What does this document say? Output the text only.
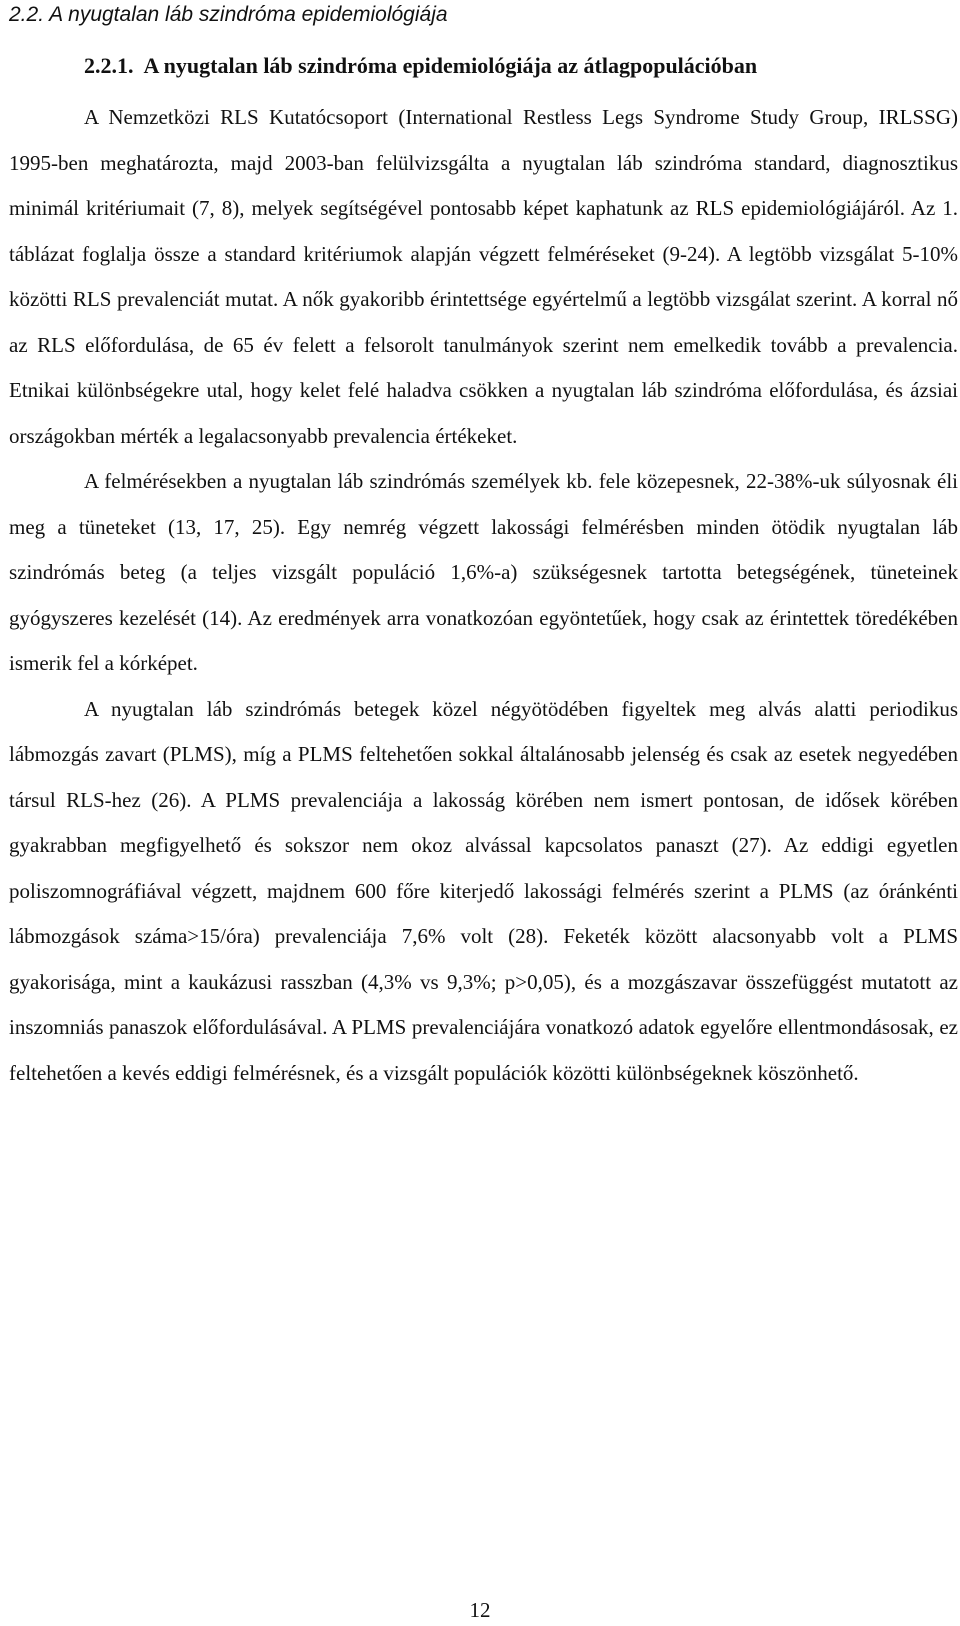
2.2. A nyugtalan láb szindróma epidemiológiája
2.2.1. A nyugtalan láb szindróma epidemiológiája az átlagpopulációban

A Nemzetközi RLS Kutatócsoport (International Restless Legs Syndrome Study Group, IRLSSG) 1995-ben meghatározta, majd 2003-ban felülvizsgálta a nyugtalan láb szindróma standard, diagnosztikus minimál kritériumait (7, 8), melyek segítségével pontosabb képet kaphatunk az RLS epidemiológiájáról. Az 1. táblázat foglalja össze a standard kritériumok alapján végzett felméréseket (9-24). A legtöbb vizsgálat 5-10% közötti RLS prevalenciát mutat. A nők gyakoribb érintettsége egyértelmű a legtöbb vizsgálat szerint. A korral nő az RLS előfordulása, de 65 év felett a felsorolt tanulmányok szerint nem emelkedik tovább a prevalencia. Etnikai különbségekre utal, hogy kelet felé haladva csökken a nyugtalan láb szindróma előfordulása, és ázsiai országokban mérték a legalacsonyabb prevalencia értékeket.

A felmérésekben a nyugtalan láb szindrómás személyek kb. fele közepesnek, 22-38%-uk súlyosnak éli meg a tüneteket (13, 17, 25). Egy nemrég végzett lakossági felmérésben minden ötödik nyugtalan láb szindrómás beteg (a teljes vizsgált populáció 1,6%-a) szükségesnek tartotta betegségének, tüneteinek gyógyszeres kezelését (14). Az eredmények arra vonatkozóan egyöntetűek, hogy csak az érintettek töredékében ismerik fel a kórképet.

A nyugtalan láb szindrómás betegek közel négyötödében figyeltek meg alvás alatti periodikus lábmozgás zavart (PLMS), míg a PLMS feltehetően sokkal általánosabb jelenség és csak az esetek negyedében társul RLS-hez (26). A PLMS prevalenciája a lakosság körében nem ismert pontosan, de idősek körében gyakrabban megfigyelhető és sokszor nem okoz alvással kapcsolatos panaszt (27). Az eddigi egyetlen poliszomnográfiával végzett, majdnem 600 főre kiterjedő lakossági felmérés szerint a PLMS (az óránkénti lábmozgások száma>15/óra) prevalenciája 7,6% volt (28). Feketék között alacsonyabb volt a PLMS gyakorisága, mint a kaukázusi rasszban (4,3% vs 9,3%; p>0,05), és a mozgászavar összefüggést mutatott az inszomniás panaszok előfordulásával. A PLMS prevalenciájára vonatkozó adatok egyelőre ellentmondásosak, ez feltehetően a kevés eddigi felmérésnek, és a vizsgált populációk közötti különbségeknek köszönhető.

12
